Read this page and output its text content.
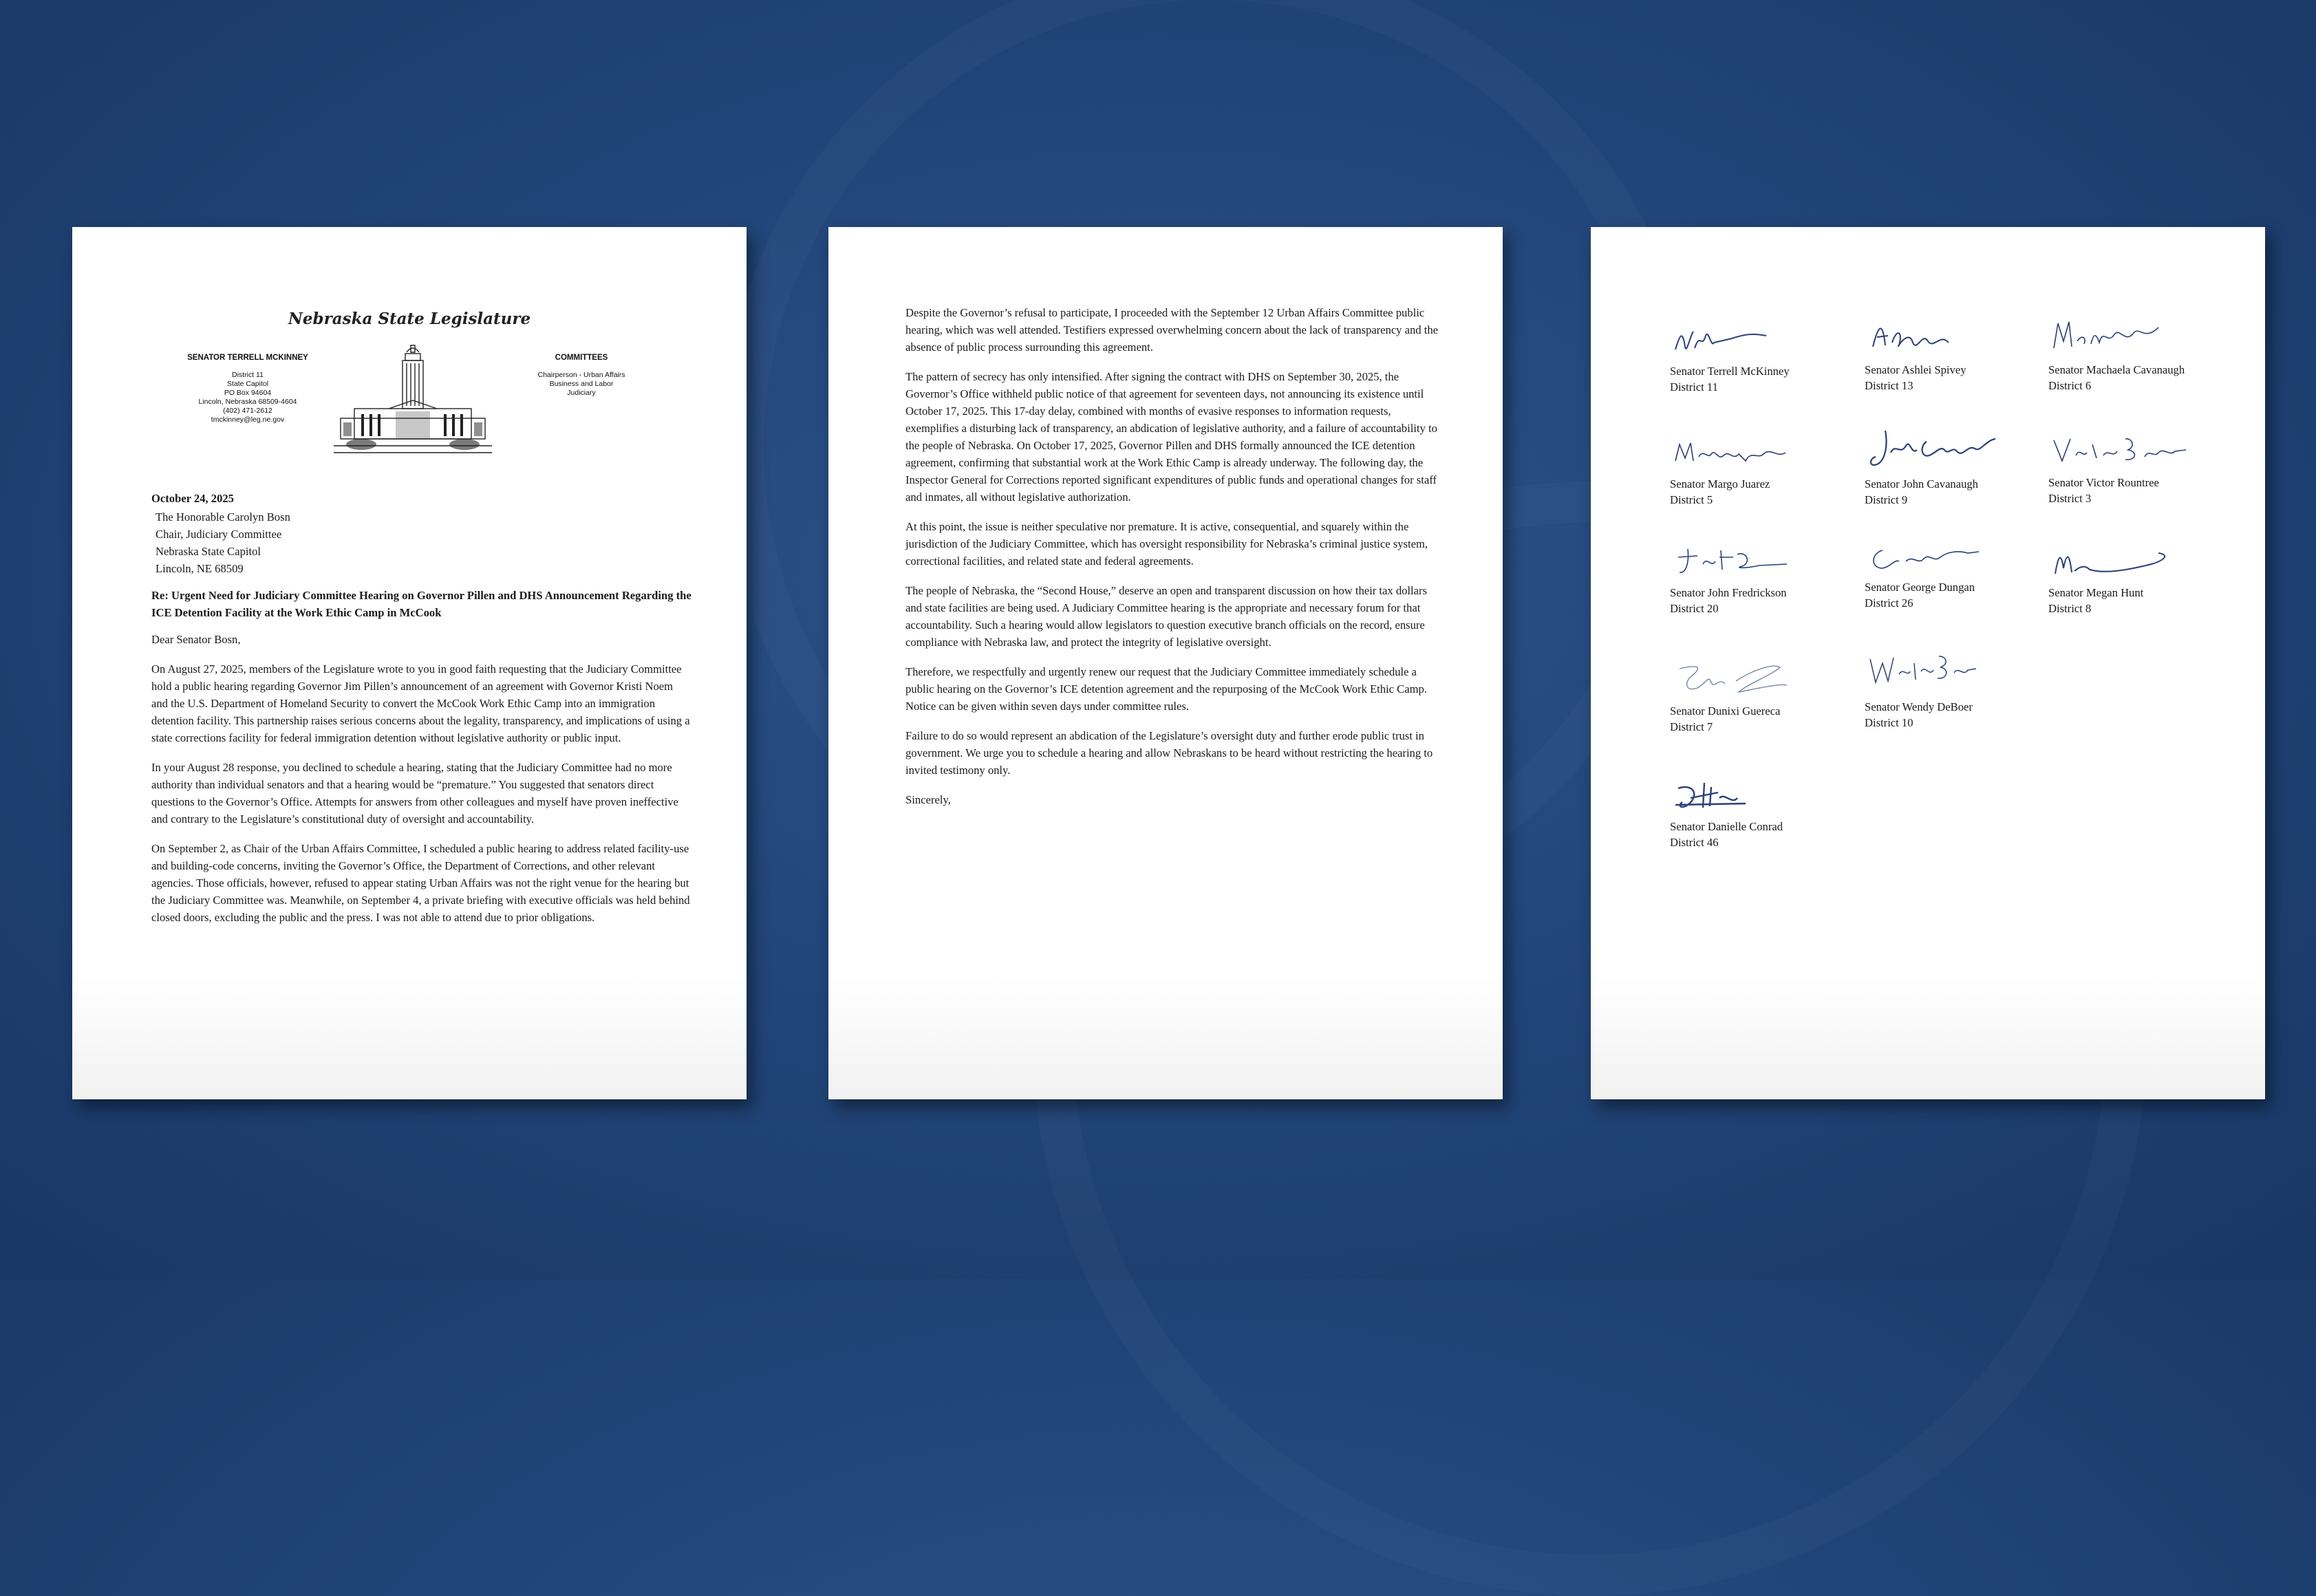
Nebraska State Legislature
SENATOR TERRELL MCKINNEY
District 11
State Capitol
PO Box 94604
Lincoln, Nebraska 68509-4604
(402) 471-2612
tmckinney@leg.ne.gov
COMMITTEES
Chairperson - Urban Affairs
Business and Labor
Judiciary
October 24, 2025
The Honorable Carolyn Bosn
Chair, Judiciary Committee
Nebraska State Capitol
Lincoln, NE 68509
Re: Urgent Need for Judiciary Committee Hearing on Governor Pillen and DHS Announcement Regarding the ICE Detention Facility at the Work Ethic Camp in McCook

Dear Senator Bosn,

On August 27, 2025, members of the Legislature wrote to you in good faith requesting that the Judiciary Committee hold a public hearing regarding Governor Jim Pillen’s announcement of an agreement with Governor Kristi Noem and the U.S. Department of Homeland Security to convert the McCook Work Ethic Camp into an immigration detention facility. This partnership raises serious concerns about the legality, transparency, and implications of using a state corrections facility for federal immigration detention without legislative authority or public input.

In your August 28 response, you declined to schedule a hearing, stating that the Judiciary Committee had no more authority than individual senators and that a hearing would be “premature.” You suggested that senators direct questions to the Governor’s Office. Attempts for answers from other colleagues and myself have proven ineffective and contrary to the Legislature’s constitutional duty of oversight and accountability.

On September 2, as Chair of the Urban Affairs Committee, I scheduled a public hearing to address related facility-use and building-code concerns, inviting the Governor’s Office, the Department of Corrections, and other relevant agencies. Those officials, however, refused to appear stating Urban Affairs was not the right venue for the hearing but the Judiciary Committee was. Meanwhile, on September 4, a private briefing with executive officials was held behind closed doors, excluding the public and the press. I was not able to attend due to prior obligations.

Despite the Governor’s refusal to participate, I proceeded with the September 12 Urban Affairs Committee public hearing, which was well attended. Testifiers expressed overwhelming concern about the lack of transparency and the absence of public process surrounding this agreement.

The pattern of secrecy has only intensified. After signing the contract with DHS on September 30, 2025, the Governor’s Office withheld public notice of that agreement for seventeen days, not announcing its existence until October 17, 2025. This 17-day delay, combined with months of evasive responses to information requests, exemplifies a disturbing lack of transparency, an abdication of legislative authority, and a failure of accountability to the people of Nebraska. On October 17, 2025, Governor Pillen and DHS formally announced the ICE detention agreement, confirming that substantial work at the Work Ethic Camp is already underway. The following day, the Inspector General for Corrections reported significant expenditures of public funds and operational changes for staff and inmates, all without legislative authorization.

At this point, the issue is neither speculative nor premature. It is active, consequential, and squarely within the jurisdiction of the Judiciary Committee, which has oversight responsibility for Nebraska’s criminal justice system, correctional facilities, and related state and federal agreements.

The people of Nebraska, the “Second House,” deserve an open and transparent discussion on how their tax dollars and state facilities are being used. A Judiciary Committee hearing is the appropriate and necessary forum for that accountability. Such a hearing would allow legislators to question executive branch officials on the record, ensure compliance with Nebraska law, and protect the integrity of legislative oversight.

Therefore, we respectfully and urgently renew our request that the Judiciary Committee immediately schedule a public hearing on the Governor’s ICE detention agreement and the repurposing of the McCook Work Ethic Camp. Notice can be given within seven days under committee rules.

Failure to do so would represent an abdication of the Legislature’s oversight duty and further erode public trust in government. We urge you to schedule a hearing and allow Nebraskans to be heard without restricting the hearing to invited testimony only.

Sincerely,

Senator Terrell McKinney
District 11
Senator Ashlei Spivey
District 13
Senator Machaela Cavanaugh
District 6
Senator Margo Juarez
District 5
Senator John Cavanaugh
District 9
Senator Victor Rountree
District 3
Senator John Fredrickson
District 20
Senator George Dungan
District 26
Senator Megan Hunt
District 8
Senator Dunixi Guereca
District 7
Senator Wendy DeBoer
District 10
Senator Danielle Conrad
District 46
